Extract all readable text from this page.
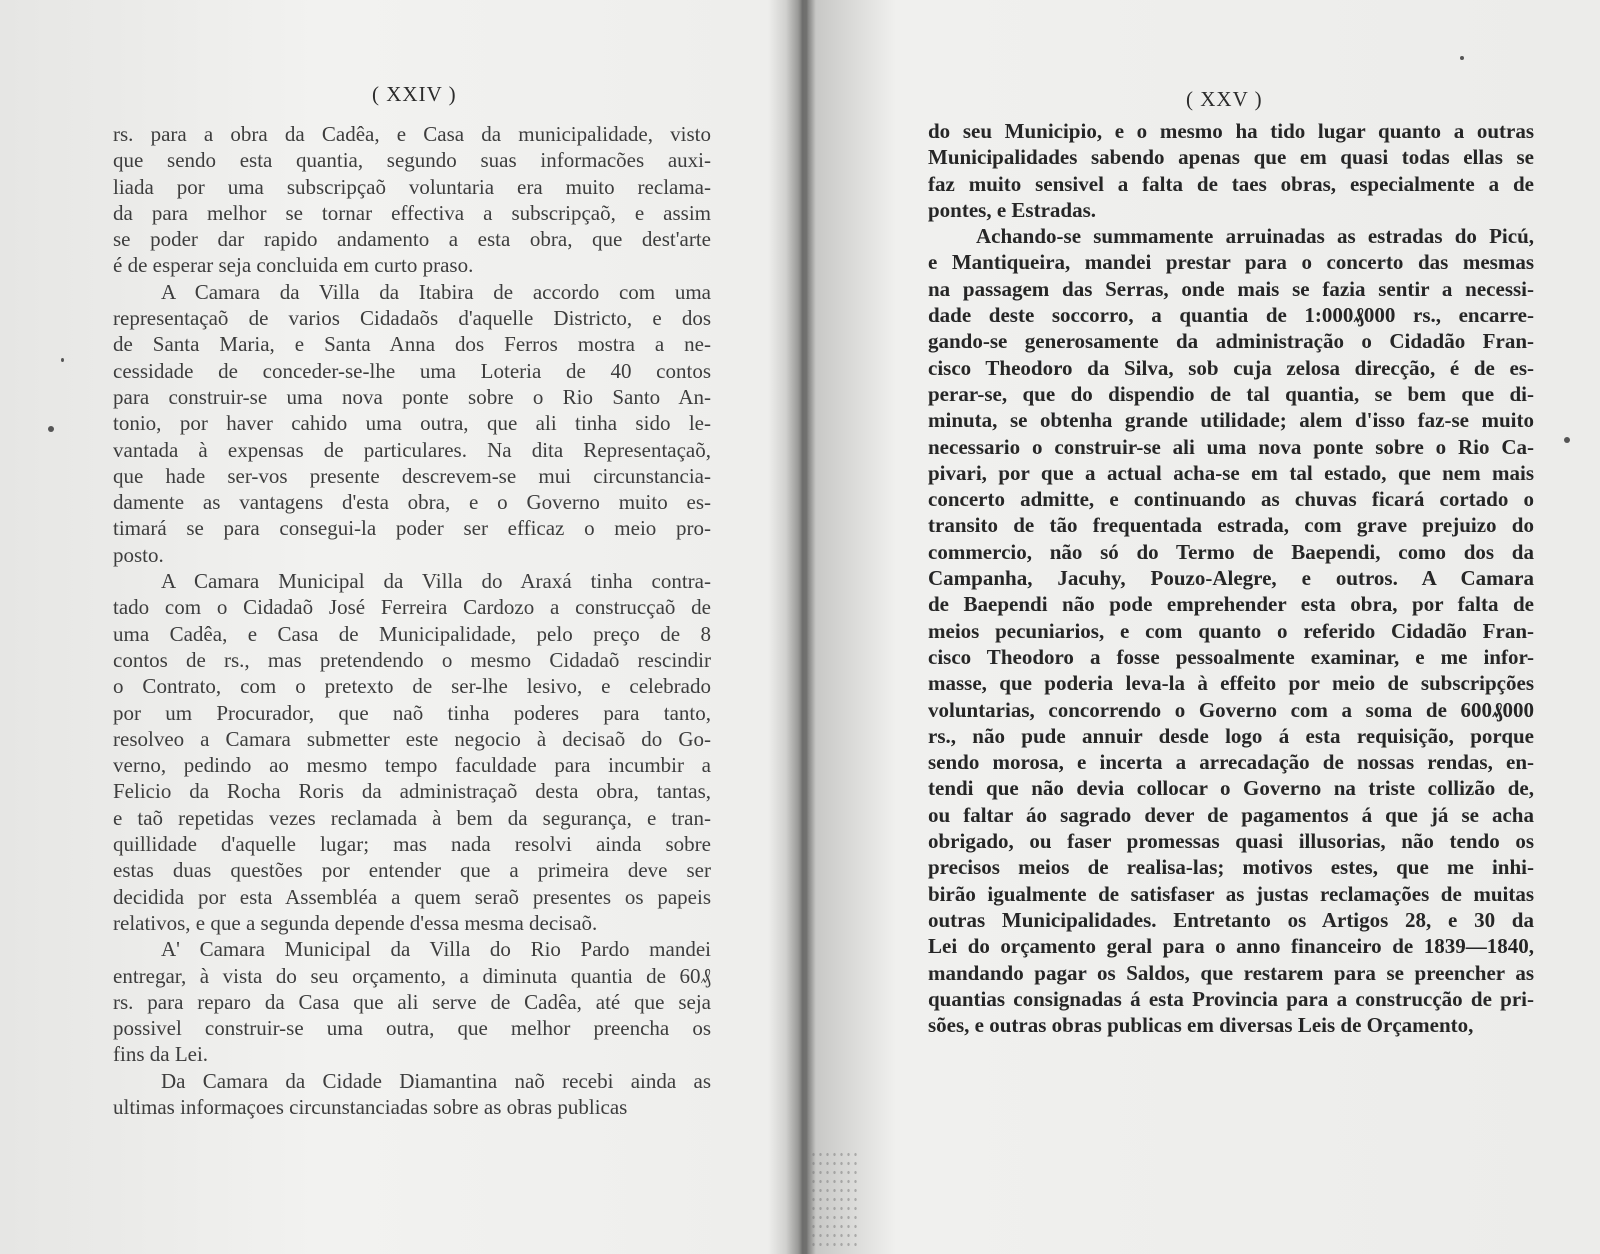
( XXIV )
rs. para a obra da Cadêa, e Casa da municipalidade, visto
que sendo esta quantia, segundo suas informacões auxi-
liada por uma subscripçaõ voluntaria era muito reclama-
da para melhor se tornar effectiva a subscripçaõ, e assim
se poder dar rapido andamento a esta obra, que dest'arte
é de esperar seja concluida em curto praso.
A Camara da Villa da Itabira de accordo com uma
representaçaõ de varios Cidadaõs d'aquelle Districto, e dos
de Santa Maria, e Santa Anna dos Ferros mostra a ne-
cessidade de conceder-se-lhe uma Loteria de 40 contos
para construir-se uma nova ponte sobre o Rio Santo An-
tonio, por haver cahido uma outra, que ali tinha sido le-
vantada à expensas de particulares. Na dita Representaçaõ,
que hade ser-vos presente descrevem-se mui circunstancia-
damente as vantagens d'esta obra, e o Governo muito es-
timará se para consegui-la poder ser efficaz o meio pro-
posto.
A Camara Municipal da Villa do Araxá tinha contra-
tado com o Cidadaõ José Ferreira Cardozo a construcçaõ de
uma Cadêa, e Casa de Municipalidade, pelo preço de 8
contos de rs., mas pretendendo o mesmo Cidadaõ rescindir
o Contrato, com o pretexto de ser-lhe lesivo, e celebrado
por um Procurador, que naõ tinha poderes para tanto,
resolveo a Camara submetter este negocio à decisaõ do Go-
verno, pedindo ao mesmo tempo faculdade para incumbir a
Felicio da Rocha Roris da administraçaõ desta obra, tantas,
e taõ repetidas vezes reclamada à bem da segurança, e tran-
quillidade d'aquelle lugar; mas nada resolvi ainda sobre
estas duas questões por entender que a primeira deve ser
decidida por esta Assembléa a quem seraõ presentes os papeis
relativos, e que a segunda depende d'essa mesma decisaõ.
A' Camara Municipal da Villa do Rio Pardo mandei
entregar, à vista do seu orçamento, a diminuta quantia de 60₰
rs. para reparo da Casa que ali serve de Cadêa, até que seja
possivel construir-se uma outra, que melhor preencha os
fins da Lei.
Da Camara da Cidade Diamantina naõ recebi ainda as
ultimas informaçoes circunstanciadas sobre as obras publicas
( XXV )
do seu Municipio, e o mesmo ha tido lugar quanto a outras
Municipalidades sabendo apenas que em quasi todas ellas se
faz muito sensivel a falta de taes obras, especialmente a de
pontes, e Estradas.
Achando-se summamente arruinadas as estradas do Picú,
e Mantiqueira, mandei prestar para o concerto das mesmas
na passagem das Serras, onde mais se fazia sentir a necessi-
dade deste soccorro, a quantia de 1:000₰000 rs., encarre-
gando-se generosamente da administração o Cidadão Fran-
cisco Theodoro da Silva, sob cuja zelosa direcção, é de es-
perar-se, que do dispendio de tal quantia, se bem que di-
minuta, se obtenha grande utilidade; alem d'isso faz-se muito
necessario o construir-se ali uma nova ponte sobre o Rio Ca-
pivari, por que a actual acha-se em tal estado, que nem mais
concerto admitte, e continuando as chuvas ficará cortado o
transito de tão frequentada estrada, com grave prejuizo do
commercio, não só do Termo de Baependi, como dos da
Campanha, Jacuhy, Pouzo-Alegre, e outros. A Camara
de Baependi não pode emprehender esta obra, por falta de
meios pecuniarios, e com quanto o referido Cidadão Fran-
cisco Theodoro a fosse pessoalmente examinar, e me infor-
masse, que poderia leva-la à effeito por meio de subscripções
voluntarias, concorrendo o Governo com a soma de 600₰000
rs., não pude annuir desde logo á esta requisição, porque
sendo morosa, e incerta a arrecadação de nossas rendas, en-
tendi que não devia collocar o Governo na triste collizão de,
ou faltar áo sagrado dever de pagamentos á que já se acha
obrigado, ou faser promessas quasi illusorias, não tendo os
precisos meios de realisa-las; motivos estes, que me inhi-
birão igualmente de satisfaser as justas reclamações de muitas
outras Municipalidades. Entretanto os Artigos 28, e 30 da
Lei do orçamento geral para o anno financeiro de 1839—1840,
mandando pagar os Saldos, que restarem para se preencher as
quantias consignadas á esta Provincia para a construcção de pri-
sões, e outras obras publicas em diversas Leis de Orçamento,
